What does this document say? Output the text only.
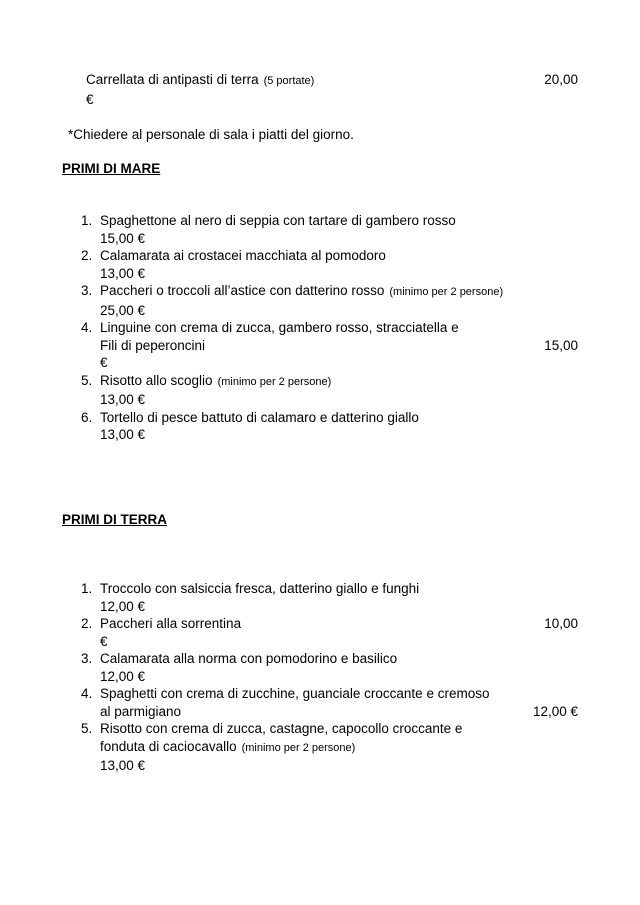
Carrellata di antipasti di terra (5 portate)	20,00
€
*Chiedere al personale di sala i piatti del giorno.
PRIMI DI MARE
1. Spaghettone al nero di seppia con tartare di gambero rosso
15,00 €
2. Calamarata ai crostacei macchiata al pomodoro
13,00 €
3. Paccheri o troccoli all’astice con datterino rosso (minimo per 2 persone)
25,00 €
4. Linguine con crema di zucca, gambero rosso, stracciatella e
Fili di peperoncini	15,00
€
5. Risotto allo scoglio (minimo per 2 persone)
13,00 €
6. Tortello di pesce battuto di calamaro e datterino giallo
13,00 €
PRIMI DI TERRA
1. Troccolo con salsiccia fresca, datterino giallo e funghi
12,00 €
2. Paccheri alla sorrentina	10,00
€
3. Calamarata alla norma con pomodorino e basilico
12,00 €
4. Spaghetti con crema di zucchine, guanciale croccante e cremoso
al parmigiano	12,00 €
5. Risotto con crema di zucca, castagne, capocollo croccante e
fonduta di caciocavallo (minimo per 2 persone)
13,00 €
